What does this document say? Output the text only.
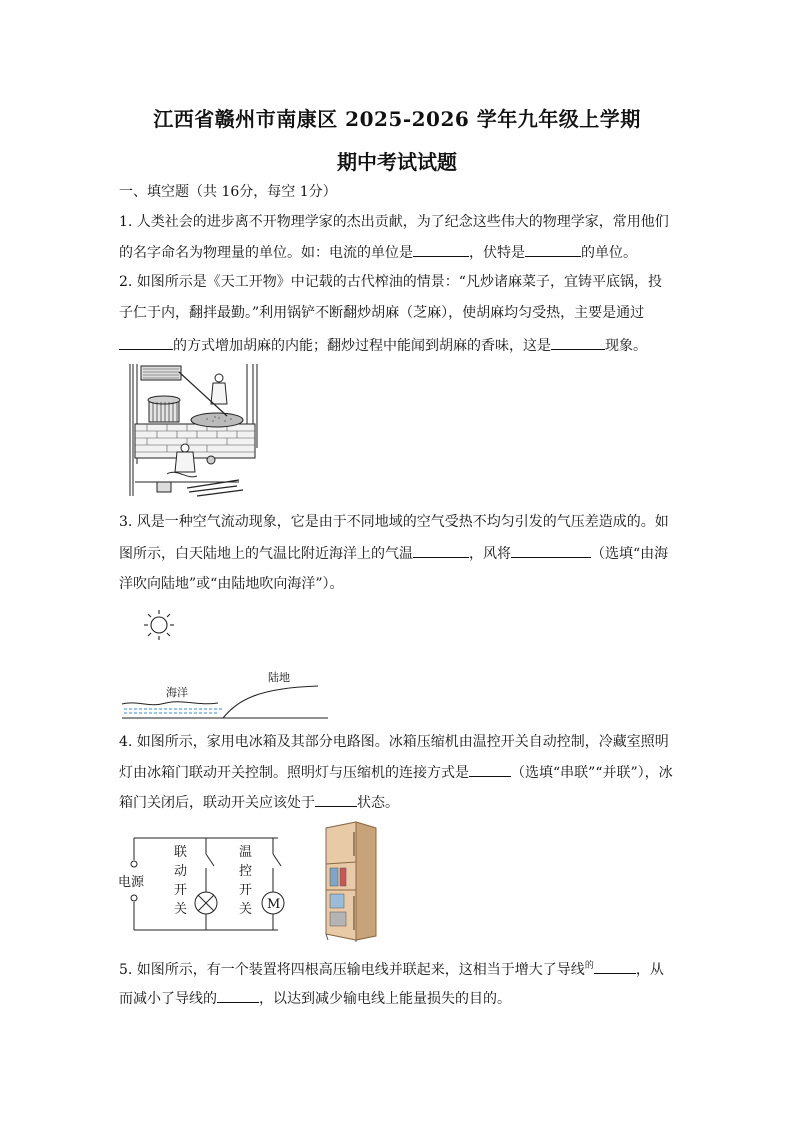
江西省赣州市南康区 2025-2026 学年九年级上学期
期中考试试题
一、填空题（共 16分，每空 1分）
1. 人类社会的进步离不开物理学家的杰出贡献，为了纪念这些伟大的物理学家，常用他们
的名字命名为物理量的单位。如：电流的单位是	，伏特是	的单位。
2. 如图所示是《天工开物》中记载的古代榨油的情景：“凡炒诸麻菜子，宜铸平底锅，投
子仁于内，翻拌最勤。”利用锅铲不断翻炒胡麻（芝麻），使胡麻均匀受热，主要是通过
的方式增加胡麻的内能；翻炒过程中能闻到胡麻的香味，这是	现象。
3. 风是一种空气流动现象，它是由于不同地域的空气受热不均匀引发的气压差造成的。如
图所示，白天陆地上的气温比附近海洋上的气温	，风将	（选填“由海
洋吹向陆地”或“由陆地吹向海洋”）。
陆地
海洋
4. 如图所示，家用电冰箱及其部分电路图。冰箱压缩机由温控开关自动控制，冷藏室照明
灯由冰箱门联动开关控制。照明灯与压缩机的连接方式是	（选填“串联”“并联”），冰
箱门关闭后，联动开关应该处于	状态。
电源
M
联
动
开
关
温
控
开
关
5. 如图所示，有一个装置将四根高压输电线并联起来，这相当于增大了导线$^的$	，从
而减小了导线的	，以达到减少输电线上能量损失的目的。
